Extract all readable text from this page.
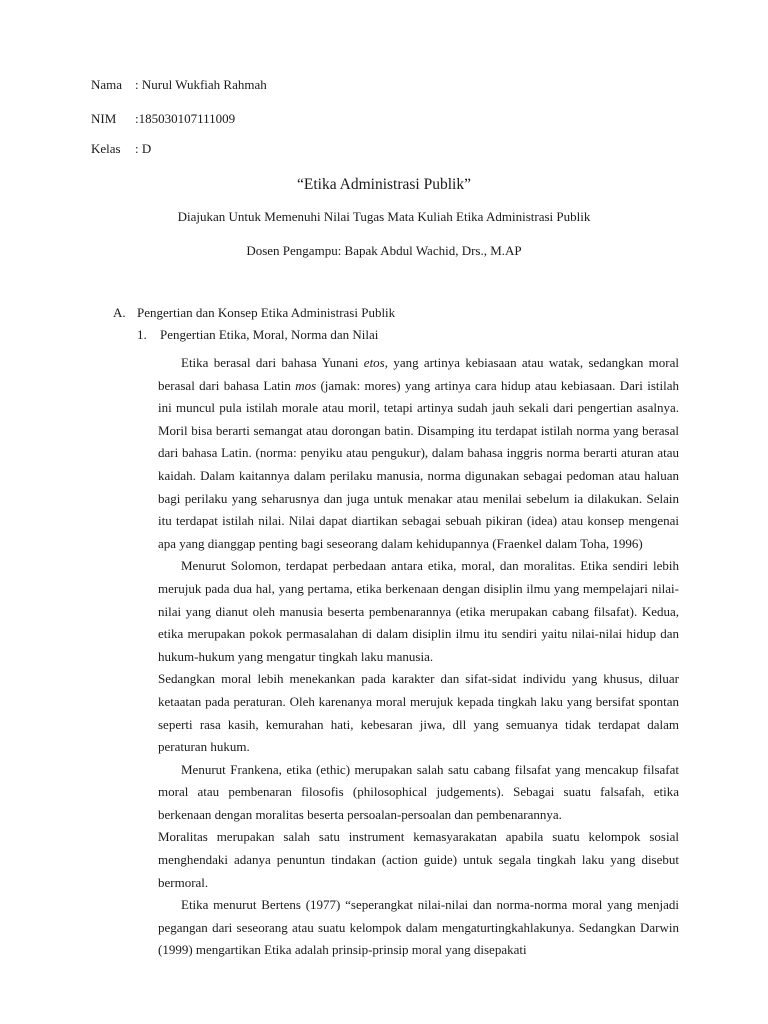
Nama : Nurul Wukfiah Rahmah
NIM :185030107111009
Kelas : D
“Etika Administrasi Publik”
Diajukan Untuk Memenuhi Nilai Tugas Mata Kuliah Etika Administrasi Publik
Dosen Pengampu: Bapak Abdul Wachid, Drs., M.AP
A. Pengertian dan Konsep Etika Administrasi Publik
1. Pengertian Etika, Moral, Norma dan Nilai

Etika berasal dari bahasa Yunani etos, yang artinya kebiasaan atau watak, sedangkan moral berasal dari bahasa Latin mos (jamak: mores) yang artinya cara hidup atau kebiasaan. Dari istilah ini muncul pula istilah morale atau moril, tetapi artinya sudah jauh sekali dari pengertian asalnya. Moril bisa berarti semangat atau dorongan batin. Disamping itu terdapat istilah norma yang berasal dari bahasa Latin. (norma: penyiku atau pengukur), dalam bahasa inggris norma berarti aturan atau kaidah. Dalam kaitannya dalam perilaku manusia, norma digunakan sebagai pedoman atau haluan bagi perilaku yang seharusnya dan juga untuk menakar atau menilai sebelum ia dilakukan. Selain itu terdapat istilah nilai. Nilai dapat diartikan sebagai sebuah pikiran (idea) atau konsep mengenai apa yang dianggap penting bagi seseorang dalam kehidupannya (Fraenkel dalam Toha, 1996)

Menurut Solomon, terdapat perbedaan antara etika, moral, dan moralitas. Etika sendiri lebih merujuk pada dua hal, yang pertama, etika berkenaan dengan disiplin ilmu yang mempelajari nilai-nilai yang dianut oleh manusia beserta pembenarannya (etika merupakan cabang filsafat). Kedua, etika merupakan pokok permasalahan di dalam disiplin ilmu itu sendiri yaitu nilai-nilai hidup dan hukum-hukum yang mengatur tingkah laku manusia.

Sedangkan moral lebih menekankan pada karakter dan sifat-sidat individu yang khusus, diluar ketaatan pada peraturan. Oleh karenanya moral merujuk kepada tingkah laku yang bersifat spontan seperti rasa kasih, kemurahan hati, kebesaran jiwa, dll yang semuanya tidak terdapat dalam peraturan hukum.

Menurut Frankena, etika (ethic) merupakan salah satu cabang filsafat yang mencakup filsafat moral atau pembenaran filosofis (philosophical judgements). Sebagai suatu falsafah, etika berkenaan dengan moralitas beserta persoalan-persoalan dan pembenarannya.

Moralitas merupakan salah satu instrument kemasyarakatan apabila suatu kelompok sosial menghendaki adanya penuntun tindakan (action guide) untuk segala tingkah laku yang disebut bermoral.

Etika menurut Bertens (1977) “seperangkat nilai-nilai dan norma-norma moral yang menjadi pegangan dari seseorang atau suatu kelompok dalam mengaturtingkahlakunya. Sedangkan Darwin (1999) mengartikan Etika adalah prinsip-prinsip moral yang disepakati
